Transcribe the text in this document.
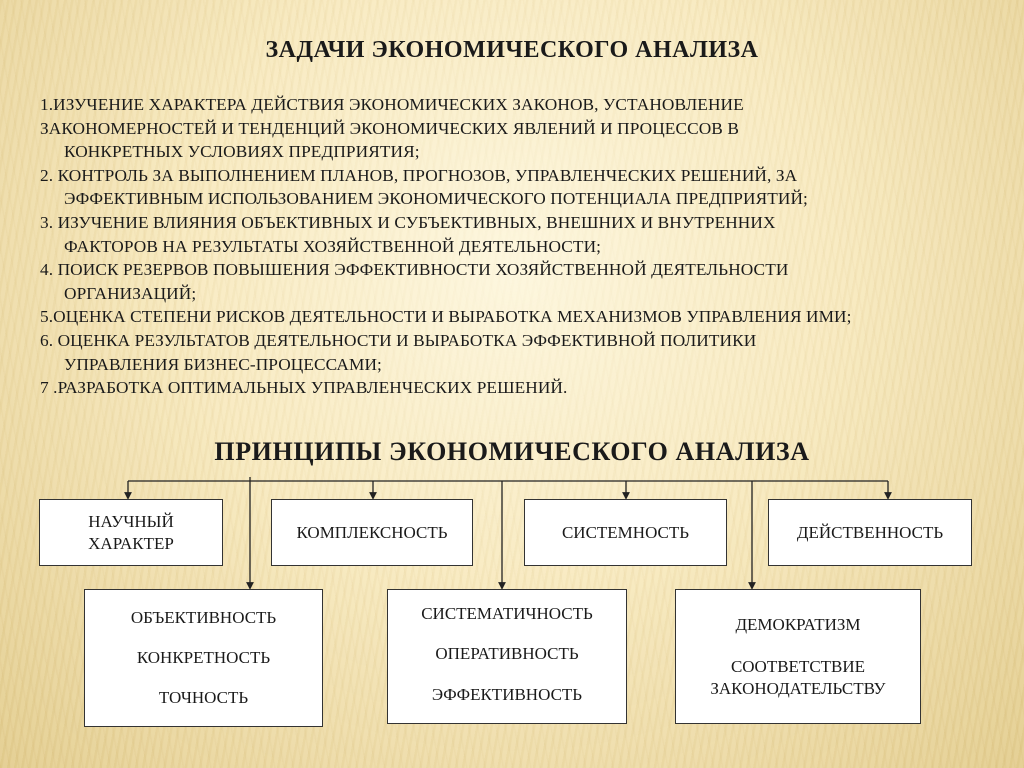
ЗАДАЧИ ЭКОНОМИЧЕСКОГО АНАЛИЗА
1.ИЗУЧЕНИЕ ХАРАКТЕРА ДЕЙСТВИЯ ЭКОНОМИЧЕСКИХ ЗАКОНОВ, УСТАНОВЛЕНИЕ
ЗАКОНОМЕРНОСТЕЙ И ТЕНДЕНЦИЙ ЭКОНОМИЧЕСКИХ ЯВЛЕНИЙ И ПРОЦЕССОВ В
КОНКРЕТНЫХ УСЛОВИЯХ ПРЕДПРИЯТИЯ;
2. КОНТРОЛЬ ЗА ВЫПОЛНЕНИЕМ ПЛАНОВ, ПРОГНОЗОВ, УПРАВЛЕНЧЕСКИХ РЕШЕНИЙ, ЗА
ЭФФЕКТИВНЫМ ИСПОЛЬЗОВАНИЕМ ЭКОНОМИЧЕСКОГО ПОТЕНЦИАЛА ПРЕДПРИЯТИЙ;
3. ИЗУЧЕНИЕ ВЛИЯНИЯ ОБЪЕКТИВНЫХ И СУБЪЕКТИВНЫХ, ВНЕШНИХ И ВНУТРЕННИХ
ФАКТОРОВ НА РЕЗУЛЬТАТЫ ХОЗЯЙСТВЕННОЙ ДЕЯТЕЛЬНОСТИ;
4. ПОИСК РЕЗЕРВОВ ПОВЫШЕНИЯ ЭФФЕКТИВНОСТИ ХОЗЯЙСТВЕННОЙ ДЕЯТЕЛЬНОСТИ
ОРГАНИЗАЦИЙ;
5.ОЦЕНКА СТЕПЕНИ РИСКОВ ДЕЯТЕЛЬНОСТИ И ВЫРАБОТКА МЕХАНИЗМОВ УПРАВЛЕНИЯ ИМИ;
6. ОЦЕНКА РЕЗУЛЬТАТОВ ДЕЯТЕЛЬНОСТИ И ВЫРАБОТКА ЭФФЕКТИВНОЙ ПОЛИТИКИ
УПРАВЛЕНИЯ БИЗНЕС-ПРОЦЕССАМИ;
7 .РАЗРАБОТКА ОПТИМАЛЬНЫХ УПРАВЛЕНЧЕСКИХ РЕШЕНИЙ.
ПРИНЦИПЫ ЭКОНОМИЧЕСКОГО АНАЛИЗА
НАУЧНЫЙ
ХАРАКТЕР
КОМПЛЕКСНОСТЬ	СИСТЕМНОСТЬ	ДЕЙСТВЕННОСТЬ
ОБЪЕКТИВНОСТЬ
КОНКРЕТНОСТЬ
ТОЧНОСТЬ
СИСТЕМАТИЧНОСТЬ
ОПЕРАТИВНОСТЬ
ЭФФЕКТИВНОСТЬ
ДЕМОКРАТИЗМ
СООТВЕТСТВИЕ
ЗАКОНОДАТЕЛЬСТВУ
